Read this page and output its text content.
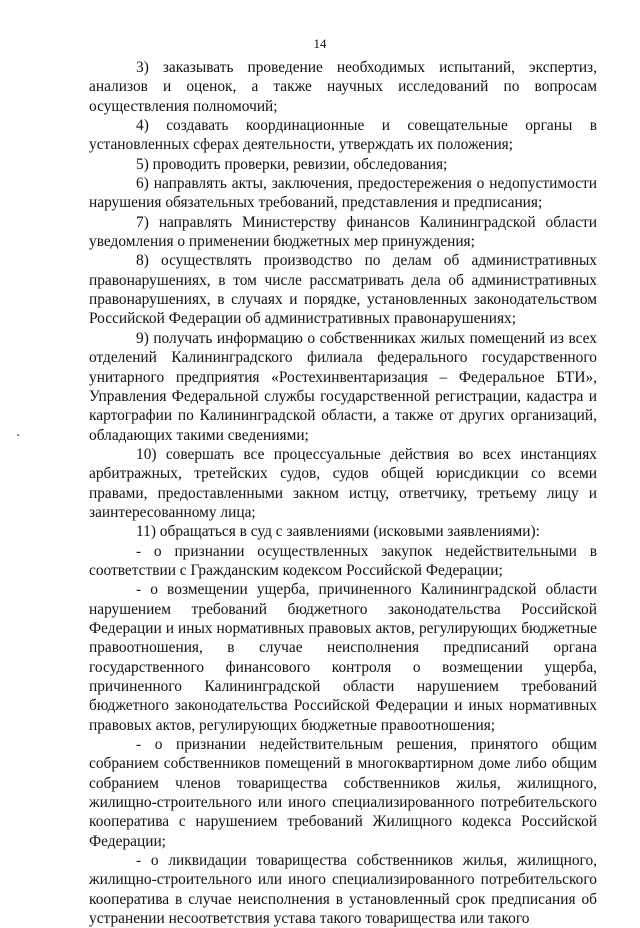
14

3) заказывать проведение необходимых испытаний, экспертиз, анализов и оценок, а также научных исследований по вопросам осуществления полномочий;

4) создавать координационные и совещательные органы в установленных сферах деятельности, утверждать их положения;

5) проводить проверки, ревизии, обследования;

6) направлять акты, заключения, предостережения о недопустимости нарушения обязательных требований, представления и предписания;

7) направлять Министерству финансов Калининградской области уведомления о применении бюджетных мер принуждения;

8) осуществлять производство по делам об административных правонарушениях, в том числе рассматривать дела об административных правонарушениях, в случаях и порядке, установленных законодательством Российской Федерации об административных правонарушениях;

9) получать информацию о собственниках жилых помещений из всех отделений Калининградского филиала федерального государственного унитарного предприятия «Ростехинвентаризация – Федеральное БТИ», Управления Федеральной службы государственной регистрации, кадастра и картографии по Калининградской области, а также от других организаций, обладающих такими сведениями;

10) совершать все процессуальные действия во всех инстанциях арбитражных, третейских судов, судов общей юрисдикции со всеми правами, предоставленными закном истцу, ответчику, третьему лицу и заинтересованному лица;

11) обращаться в суд с заявлениями (исковыми заявлениями):

- о признании осуществленных закупок недействительными в соответствии с Гражданским кодексом Российской Федерации;

- о возмещении ущерба, причиненного Калининградской области нарушением требований бюджетного законодательства Российской Федерации и иных нормативных правовых актов, регулирующих бюджетные правоотношения, в случае неисполнения предписаний органа государственного финансового контроля о возмещении ущерба, причиненного Калининградской области нарушением требований бюджетного законодательства Российской Федерации и иных нормативных правовых актов, регулирующих бюджетные правоотношения;

- о признании недействительным решения, принятого общим собранием собственников помещений в многоквартирном доме либо общим собранием членов товарищества собственников жилья, жилищного, жилищно-строительного или иного специализированного потребительского кооператива с нарушением требований Жилищного кодекса Российской Федерации;

- о ликвидации товарищества собственников жилья, жилищного, жилищно-строительного или иного специализированного потребительского кооператива в случае неисполнения в установленный срок предписания об устранении несоответствия устава такого товарищества или такого
